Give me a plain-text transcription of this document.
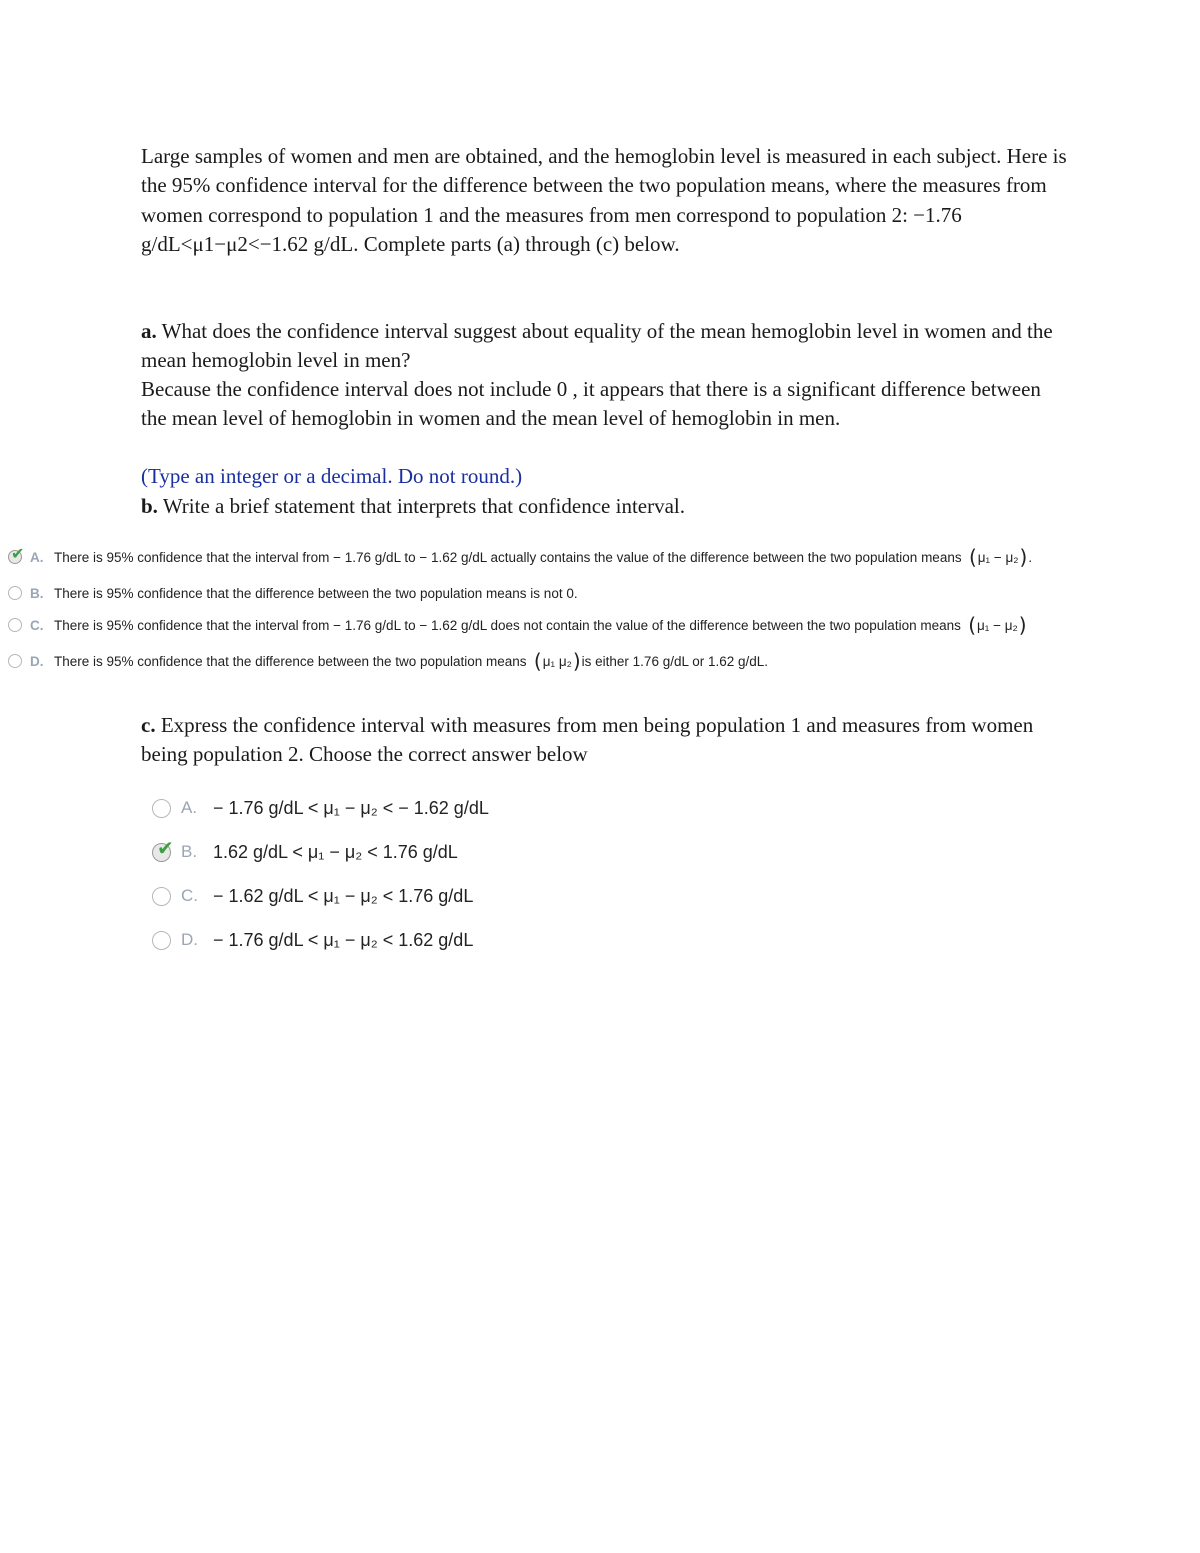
Large samples of women and men are obtained, and the hemoglobin level is measured in each subject. Here is the 95% confidence interval for the difference between the two population means, where the measures from women correspond to population 1 and the measures from men correspond to population 2: −1.76 g/dL<μ1−μ2<−1.62 g/dL. Complete parts (a) through (c) below.

a. What does the confidence interval suggest about equality of the mean hemoglobin level in women and the mean hemoglobin level in men?

Because the confidence interval does not include 0 , it appears that there is a significant difference between the mean level of hemoglobin in women and the mean level of hemoglobin in men.

(Type an integer or a decimal. Do not round.)

b. Write a brief statement that interprets that confidence interval.

✔ A. There is 95% confidence that the interval from − 1.76 g/dL to − 1.62 g/dL actually contains the value of the difference between the two population means ( μ₁ − μ₂ ) .
B. There is 95% confidence that the difference between the two population means is not 0.
C. There is 95% confidence that the interval from − 1.76 g/dL to − 1.62 g/dL does not contain the value of the difference between the two population means ( μ₁ − μ₂ )
D. There is 95% confidence that the difference between the two population means ( μ₁ μ₂ ) is either 1.76 g/dL or 1.62 g/dL.

c. Express the confidence interval with measures from men being population 1 and measures from women being population 2. Choose the correct answer below

A. − 1.76 g/dL < μ₁ − μ₂ < − 1.62 g/dL
✔ B. 1.62 g/dL < μ₁ − μ₂ < 1.76 g/dL
C. − 1.62 g/dL < μ₁ − μ₂ < 1.76 g/dL
D. − 1.76 g/dL < μ₁ − μ₂ < 1.62 g/dL
